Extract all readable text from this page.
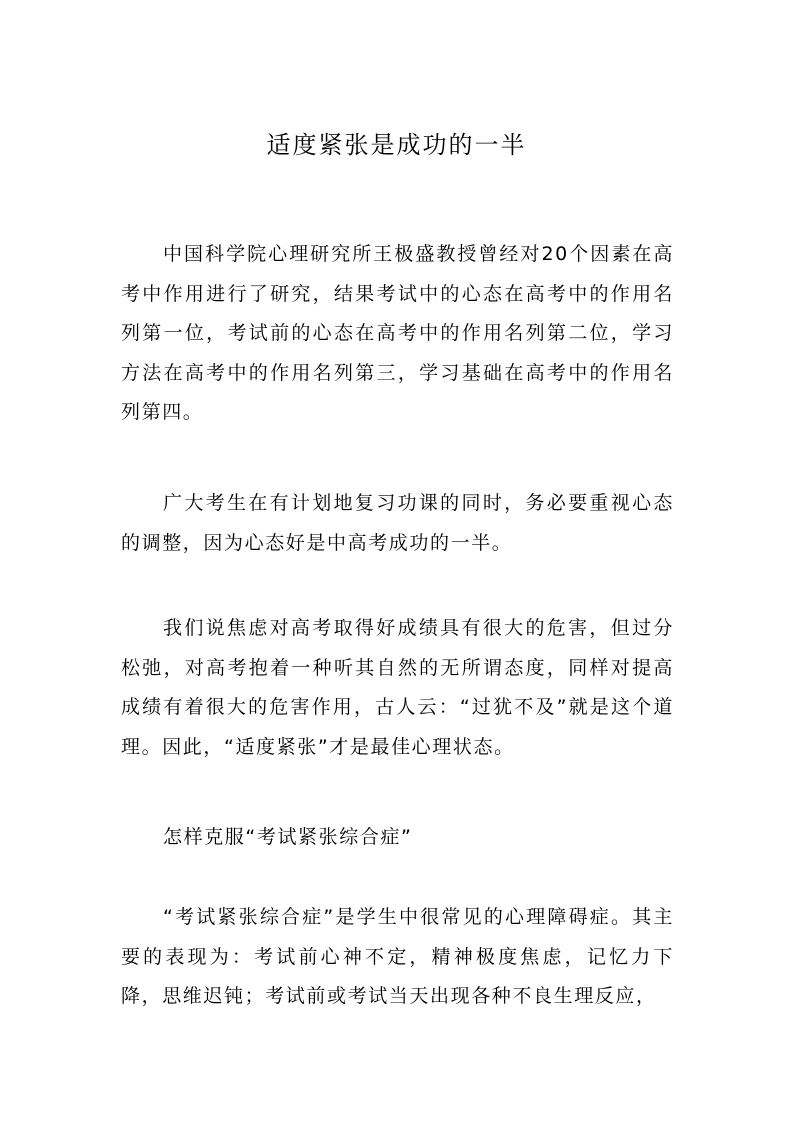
适度紧张是成功的一半

中国科学院心理研究所王极盛教授曾经对20个因素在高考中作用进行了研究，结果考试中的心态在高考中的作用名列第一位，考试前的心态在高考中的作用名列第二位，学习方法在高考中的作用名列第三，学习基础在高考中的作用名列第四。

广大考生在有计划地复习功课的同时，务必要重视心态的调整，因为心态好是中高考成功的一半。

我们说焦虑对高考取得好成绩具有很大的危害，但过分松弛，对高考抱着一种听其自然的无所谓态度，同样对提高成绩有着很大的危害作用，古人云：“过犹不及”就是这个道理。因此，“适度紧张”才是最佳心理状态。

怎样克服“考试紧张综合症”

“考试紧张综合症”是学生中很常见的心理障碍症。其主要的表现为：考试前心神不定，精神极度焦虑，记忆力下降，思维迟钝；考试前或考试当天出现各种不良生理反应，
